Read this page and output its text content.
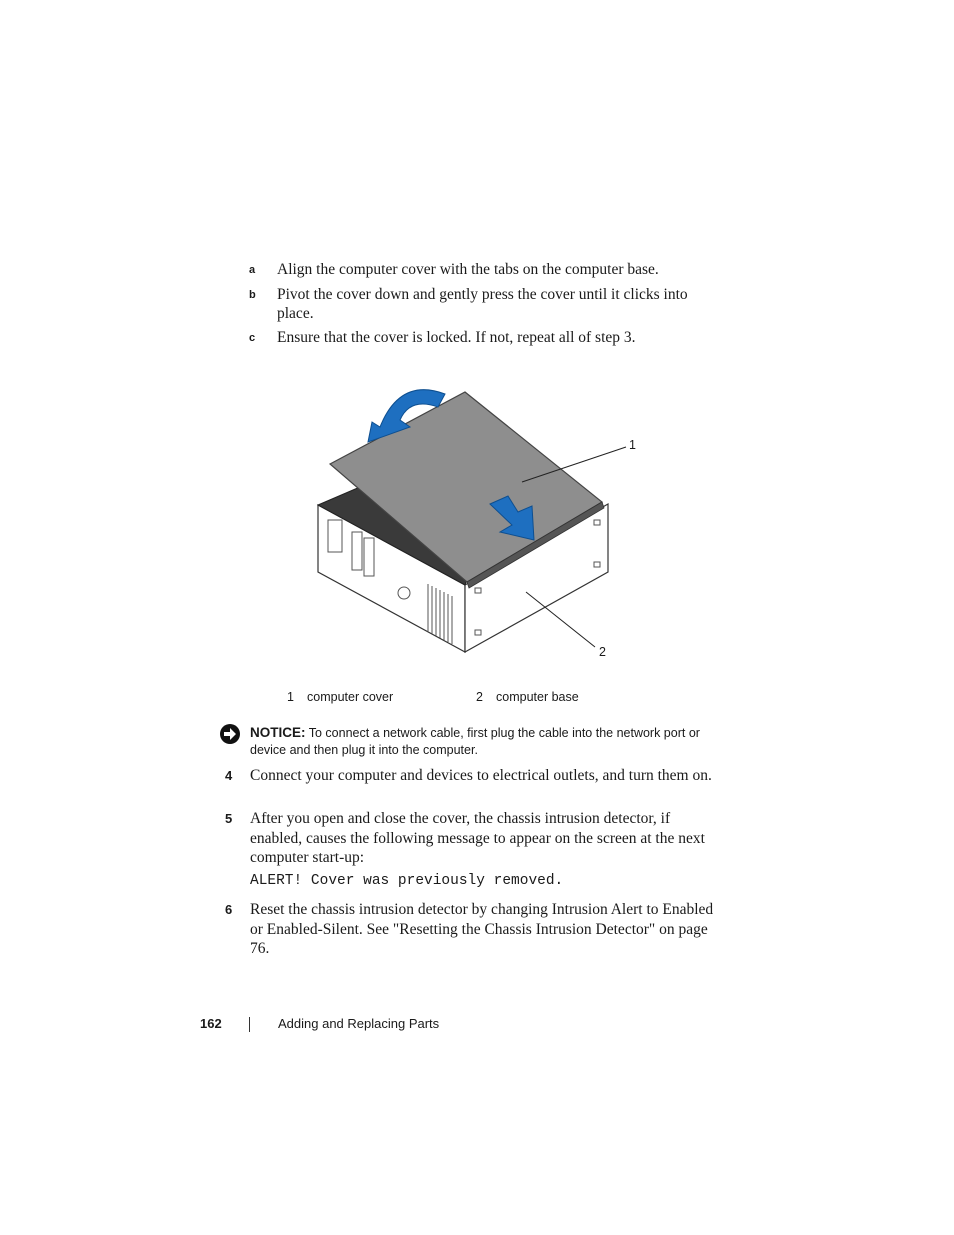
a Align the computer cover with the tabs on the computer base.
b Pivot the cover down and gently press the cover until it clicks into place.
c Ensure that the cover is locked. If not, repeat all of step 3.
1
2
1 computer cover	2 computer base
NOTICE: To connect a network cable, first plug the cable into the network port or device and then plug it into the computer.
4 Connect your computer and devices to electrical outlets, and turn them on.
5 After you open and close the cover, the chassis intrusion detector, if enabled, causes the following message to appear on the screen at the next computer start-up:
ALERT! Cover was previously removed.
6 Reset the chassis intrusion detector by changing Intrusion Alert to Enabled or Enabled-Silent. See "Resetting the Chassis Intrusion Detector" on page 76.
162	Adding and Replacing Parts
